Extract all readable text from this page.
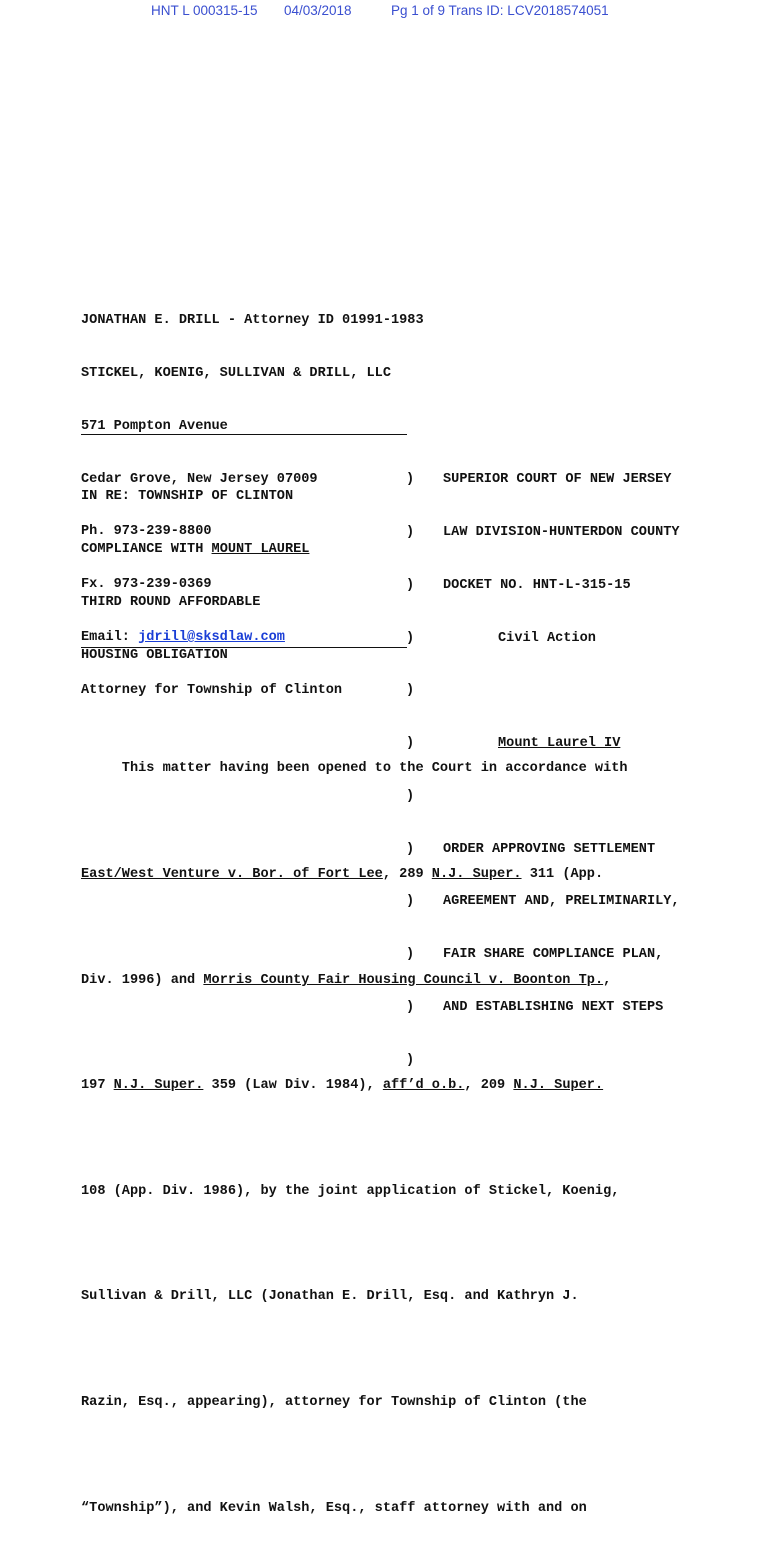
HNT L 000315-15 04/03/2018	Pg 1 of 9 Trans ID: LCV2018574051

JONATHAN E. DRILL - Attorney ID 01991-1983

STICKEL, KOENIG, SULLIVAN & DRILL, LLC

571 Pompton Avenue

Cedar Grove, New Jersey 07009

Ph. 973-239-8800

Fx. 973-239-0369

Email: jdrill@sksdlaw.com

Attorney for Township of Clinton

IN RE: TOWNSHIP OF CLINTON

COMPLIANCE WITH MOUNT LAUREL

THIRD ROUND AFFORDABLE

HOUSING OBLIGATION

)

)

)

)

)

)

)

)

)

)

)

)

SUPERIOR COURT OF NEW JERSEY

LAW DIVISION-HUNTERDON COUNTY

DOCKET NO. HNT-L-315-15

Civil Action

Mount Laurel IV

ORDER APPROVING SETTLEMENT

AGREEMENT AND, PRELIMINARILY,

FAIR SHARE COMPLIANCE PLAN,

AND ESTABLISHING NEXT STEPS

This matter having been opened to the Court in accordance with

East/West Venture v. Bor. of Fort Lee, 289 N.J. Super. 311 (App.

Div. 1996) and Morris County Fair Housing Council v. Boonton Tp.,

197 N.J. Super. 359 (Law Div. 1984), aff’d o.b., 209 N.J. Super.

108 (App. Div. 1986), by the joint application of Stickel, Koenig,

Sullivan & Drill, LLC (Jonathan E. Drill, Esq. and Kathryn J.

Razin, Esq., appearing), attorney for Township of Clinton (the

“Township”), and Kevin Walsh, Esq., staff attorney with and on
